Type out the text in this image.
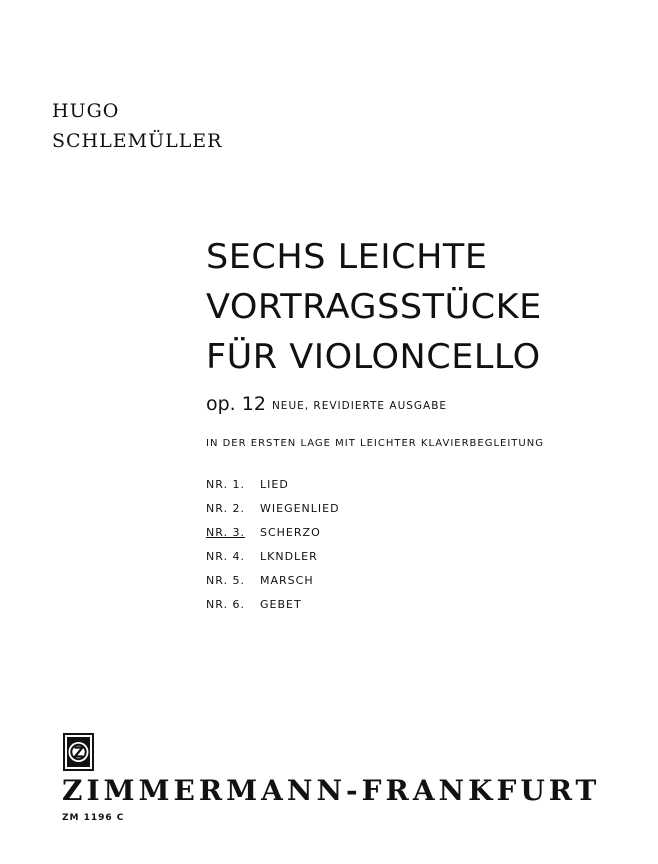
HUGO
SCHLEMÜLLER
SECHS LEICHTE
VORTRAGSSTÜCKE
FÜR VIOLONCELLO
op. 12 NEUE, REVIDIERTE AUSGABE
IN DER ERSTEN LAGE MIT LEICHTER KLAVIERBEGLEITUNG
NR. 1. LIED
NR. 2. WIEGENLIED
NR. 3. SCHERZO
NR. 4. LKNDLER
NR. 5. MARSCH
NR. 6. GEBET
ZIMMERMANN-FRANKFURT
ZM 1196 C
